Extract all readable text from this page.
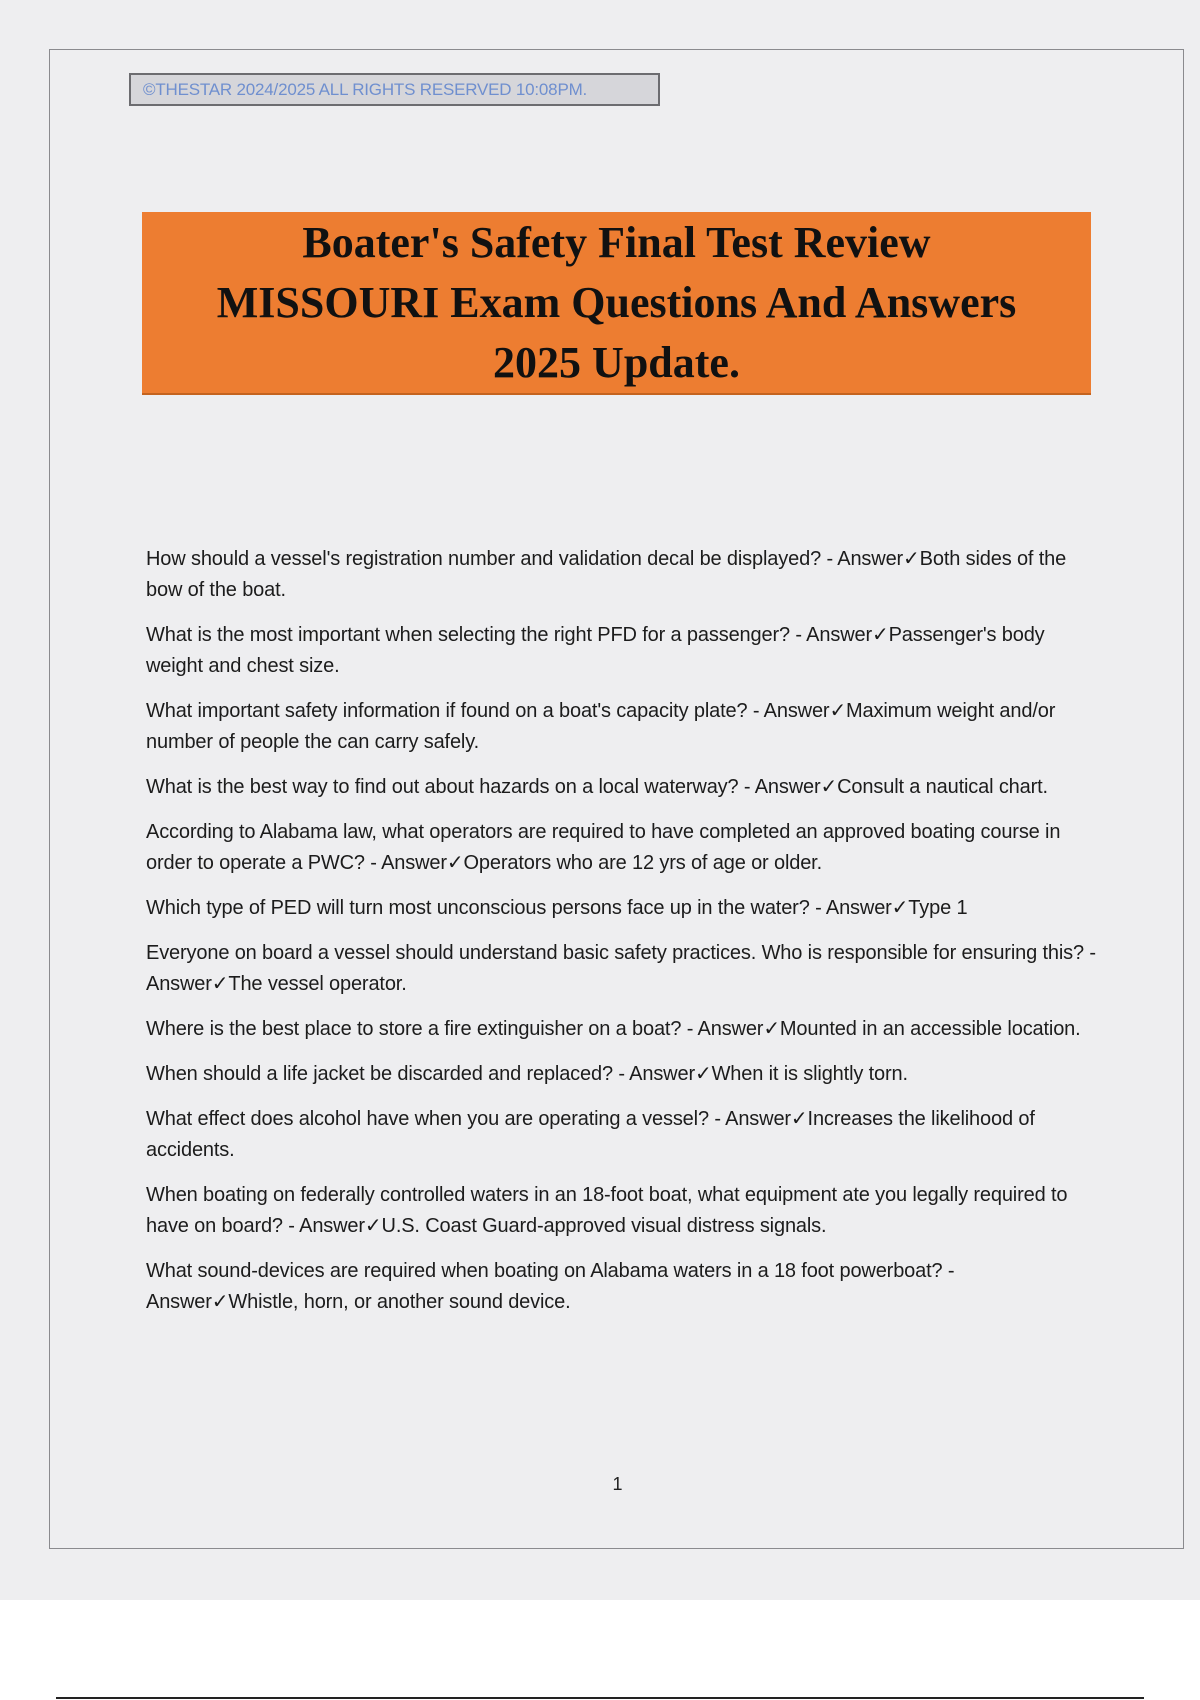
©THESTAR 2024/2025 ALL RIGHTS RESERVED 10:08PM.
Boater's Safety Final Test Review
MISSOURI Exam Questions And Answers
2025 Update.

How should a vessel's registration number and validation decal be displayed? - Answer✓Both sides of the bow of the boat.

What is the most important when selecting the right PFD for a passenger? - Answer✓Passenger's body weight and chest size.

What important safety information if found on a boat's capacity plate? - Answer✓Maximum weight and/or number of people the can carry safely.

What is the best way to find out about hazards on a local waterway? - Answer✓Consult a nautical chart.

According to Alabama law, what operators are required to have completed an approved boating course in order to operate a PWC? - Answer✓Operators who are 12 yrs of age or older.

Which type of PED will turn most unconscious persons face up in the water? - Answer✓Type 1

Everyone on board a vessel should understand basic safety practices. Who is responsible for ensuring this? - Answer✓The vessel operator.

Where is the best place to store a fire extinguisher on a boat? - Answer✓Mounted in an accessible location.

When should a life jacket be discarded and replaced? - Answer✓When it is slightly torn.

What effect does alcohol have when you are operating a vessel? - Answer✓Increases the likelihood of accidents.

When boating on federally controlled waters in an 18-foot boat, what equipment ate you legally required to have on board? - Answer✓U.S. Coast Guard-approved visual distress signals.

What sound-devices are required when boating on Alabama waters in a 18 foot powerboat? - Answer✓Whistle, horn, or another sound device.

1
